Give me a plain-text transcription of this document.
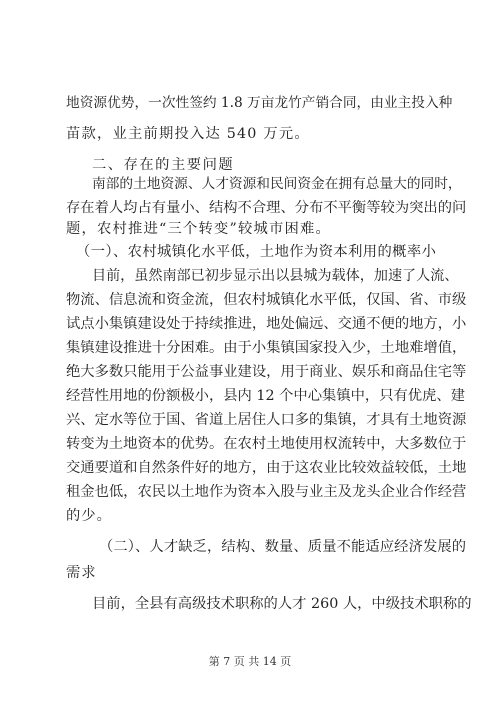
地资源优势，一次性签约 1.8 万亩龙竹产销合同，由业主投入种
苗款，业主前期投入达 540 万元。
二、存在的主要问题
南部的土地资源、人才资源和民间资金在拥有总量大的同时，
存在着人均占有量小、结构不合理、分布不平衡等较为突出的问
题，农村推进“三个转变”较城市困难。
（一）、农村城镇化水平低，土地作为资本利用的概率小
目前，虽然南部已初步显示出以县城为载体，加速了人流、
物流、信息流和资金流，但农村城镇化水平低，仅国、省、市级
试点小集镇建设处于持续推进，地处偏远、交通不便的地方，小
集镇建设推进十分困难。由于小集镇国家投入少，土地难增值，
绝大多数只能用于公益事业建设，用于商业、娱乐和商品住宅等
经营性用地的份额极小，县内 12 个中心集镇中，只有优虎、建
兴、定水等位于国、省道上居住人口多的集镇，才具有土地资源
转变为土地资本的优势。在农村土地使用权流转中，大多数位于
交通要道和自然条件好的地方，由于这农业比较效益较低，土地
租金也低，农民以土地作为资本入股与业主及龙头企业合作经营
的少。
（二）、人才缺乏，结构、数量、质量不能适应经济发展的
需求
目前，全县有高级技术职称的人才 260 人，中级技术职称的
第 7 页 共 14 页
